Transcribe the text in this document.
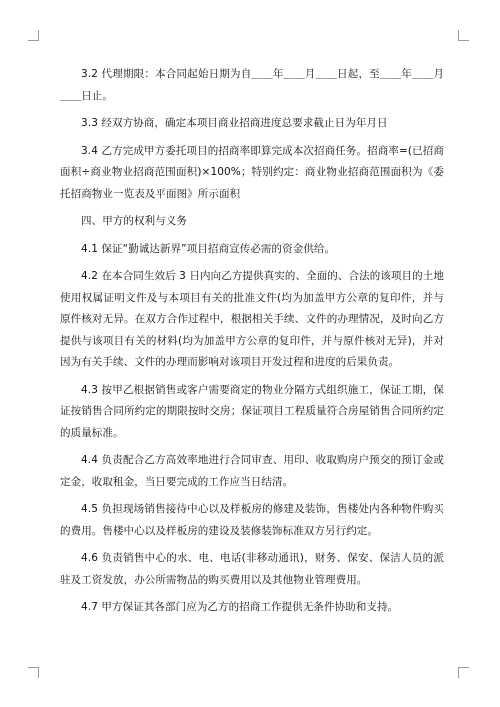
3.2 代理期限：本合同起始日期为自＿＿年＿＿月＿＿日起，至＿＿年＿＿月＿＿日止。

3.3 经双方协商，确定本项目商业招商进度总要求截止日为年月日

3.4 乙方完成甲方委托项目的招商率即算完成本次招商任务。招商率=(已招商面积÷商业物业招商范围面积)×100%；特别约定：商业物业招商范围面积为《委托招商物业一览表及平面图》所示面积

四、甲方的权利与义务

4.1 保证“勤诚达新界”项目招商宣传必需的资金供给。

4.2 在本合同生效后 3 日内向乙方提供真实的、全面的、合法的该项目的土地使用权属证明文件及与本项目有关的批准文件(均为加盖甲方公章的复印件，并与原件核对无异。在双方合作过程中，根据相关手续、文件的办理情况，及时向乙方提供与该项目有关的材料(均为加盖甲方公章的复印件，并与原件核对无异)，并对因为有关手续、文件的办理而影响对该项目开发过程和进度的后果负责。

4.3 按甲乙根据销售或客户需要商定的物业分隔方式组织施工，保证工期，保证按销售合同所约定的期限按时交房；保证项目工程质量符合房屋销售合同所约定的质量标准。

4.4 负责配合乙方高效率地进行合同审查、用印、收取购房户预交的预订金或定金，收取租金，当日要完成的工作应当日结清。

4.5 负担现场销售接待中心以及样板房的修建及装饰，售楼处内各种物件购买的费用。售楼中心以及样板房的建设及装修装饰标准双方另行约定。

4.6 负责销售中心的水、电、电话(非移动通讯)，财务、保安、保洁人员的派驻及工资发放，办公所需物品的购买费用以及其他物业管理费用。

4.7 甲方保证其各部门应为乙方的招商工作提供无条件协助和支持。
